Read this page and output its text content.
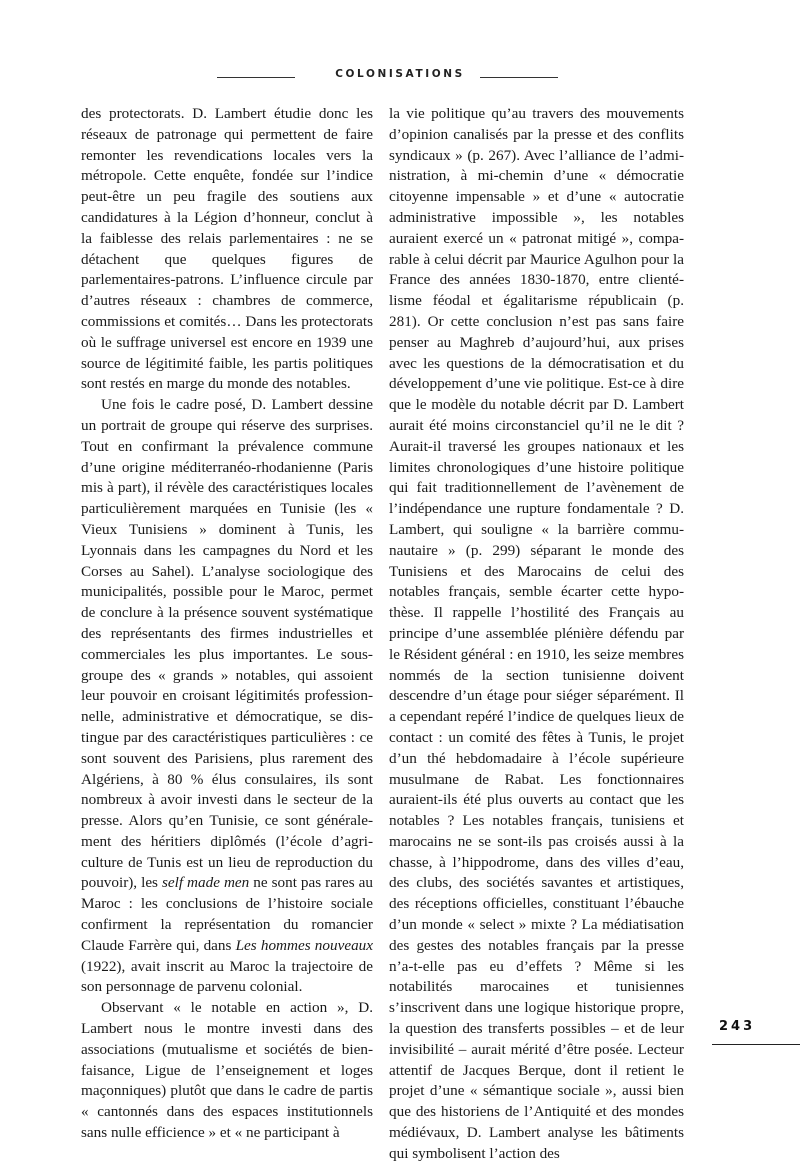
COLONISATIONS

des protectorats. D. Lambert étudie donc les réseaux de patronage qui permettent de faire remonter les revendications locales vers la métropole. Cette enquête, fondée sur l’indice peut-être un peu fragile des soutiens aux candidatures à la Légion d’honneur, conclut à la faiblesse des relais parlementaires : ne se détachent que quelques figures de parlementaires-patrons. L’influence circule par d’autres réseaux : chambres de commerce, commissions et comités… Dans les protectorats où le suffrage universel est encore en 1939 une source de légitimité faible, les partis politiques sont restés en marge du monde des notables.

Une fois le cadre posé, D. Lambert dessine un portrait de groupe qui réserve des surprises. Tout en confirmant la prévalence commune d’une origine méditerranéo-rhodanienne (Paris mis à part), il révèle des caractéristiques locales particulièrement marquées en Tunisie (les « Vieux Tunisiens » dominent à Tunis, les Lyonnais dans les campagnes du Nord et les Corses au Sahel). L’analyse sociologique des municipalités, possible pour le Maroc, permet de conclure à la présence souvent systématique des représentants des firmes industrielles et commerciales les plus importantes. Le sous-groupe des « grands » notables, qui assoient leur pouvoir en croisant légitimités professionnelle, administrative et démocratique, se distingue par des caractéristiques particulières : ce sont souvent des Parisiens, plus rarement des Algériens, à 80 % élus consulaires, ils sont nombreux à avoir investi dans le secteur de la presse. Alors qu’en Tunisie, ce sont généralement des héritiers diplômés (l’école d’agriculture de Tunis est un lieu de reproduction du pouvoir), les self made men ne sont pas rares au Maroc : les conclusions de l’histoire sociale confirment la représentation du romancier Claude Farrère qui, dans Les hommes nouveaux (1922), avait inscrit au Maroc la trajectoire de son personnage de parvenu colonial.

Observant « le notable en action », D. Lambert nous le montre investi dans des associations (mutualisme et sociétés de bienfaisance, Ligue de l’enseignement et loges maçonniques) plutôt que dans le cadre de partis « cantonnés dans des espaces institutionnels sans nulle efficience » et « ne participant à

la vie politique qu’au travers des mouvements d’opinion canalisés par la presse et des conflits syndicaux » (p. 267). Avec l’alliance de l’administration, à mi-chemin d’une « démocratie citoyenne impensable » et d’une « autocratie administrative impossible », les notables auraient exercé un « patronat mitigé », comparable à celui décrit par Maurice Agulhon pour la France des années 1830-1870, entre clientélisme féodal et égalitarisme républicain (p. 281). Or cette conclusion n’est pas sans faire penser au Maghreb d’aujourd’hui, aux prises avec les questions de la démocratisation et du développement d’une vie politique. Est-ce à dire que le modèle du notable décrit par D. Lambert aurait été moins circonstanciel qu’il ne le dit ? Aurait-il traversé les groupes nationaux et les limites chronologiques d’une histoire politique qui fait traditionnellement de l’avènement de l’indépendance une rupture fondamentale ? D. Lambert, qui souligne « la barrière communautaire » (p. 299) séparant le monde des Tunisiens et des Marocains de celui des notables français, semble écarter cette hypothèse. Il rappelle l’hostilité des Français au principe d’une assemblée plénière défendu par le Résident général : en 1910, les seize membres nommés de la section tunisienne doivent descendre d’un étage pour siéger séparément. Il a cependant repéré l’indice de quelques lieux de contact : un comité des fêtes à Tunis, le projet d’un thé hebdomadaire à l’école supérieure musulmane de Rabat. Les fonctionnaires auraient-ils été plus ouverts au contact que les notables ? Les notables français, tunisiens et marocains ne se sont-ils pas croisés aussi à la chasse, à l’hippodrome, dans des villes d’eau, des clubs, des sociétés savantes et artistiques, des réceptions officielles, constituant l’ébauche d’un monde « select » mixte ? La médiatisation des gestes des notables français par la presse n’a-t-elle pas eu d’effets ? Même si les notabilités marocaines et tunisiennes s’inscrivent dans une logique historique propre, la question des transferts possibles – et de leur invisibilité – aurait mérité d’être posée. Lecteur attentif de Jacques Berque, dont il retient le projet d’une « sémantique sociale », aussi bien que des historiens de l’Antiquité et des mondes médiévaux, D. Lambert analyse les bâtiments qui symbolisent l’action des

243
